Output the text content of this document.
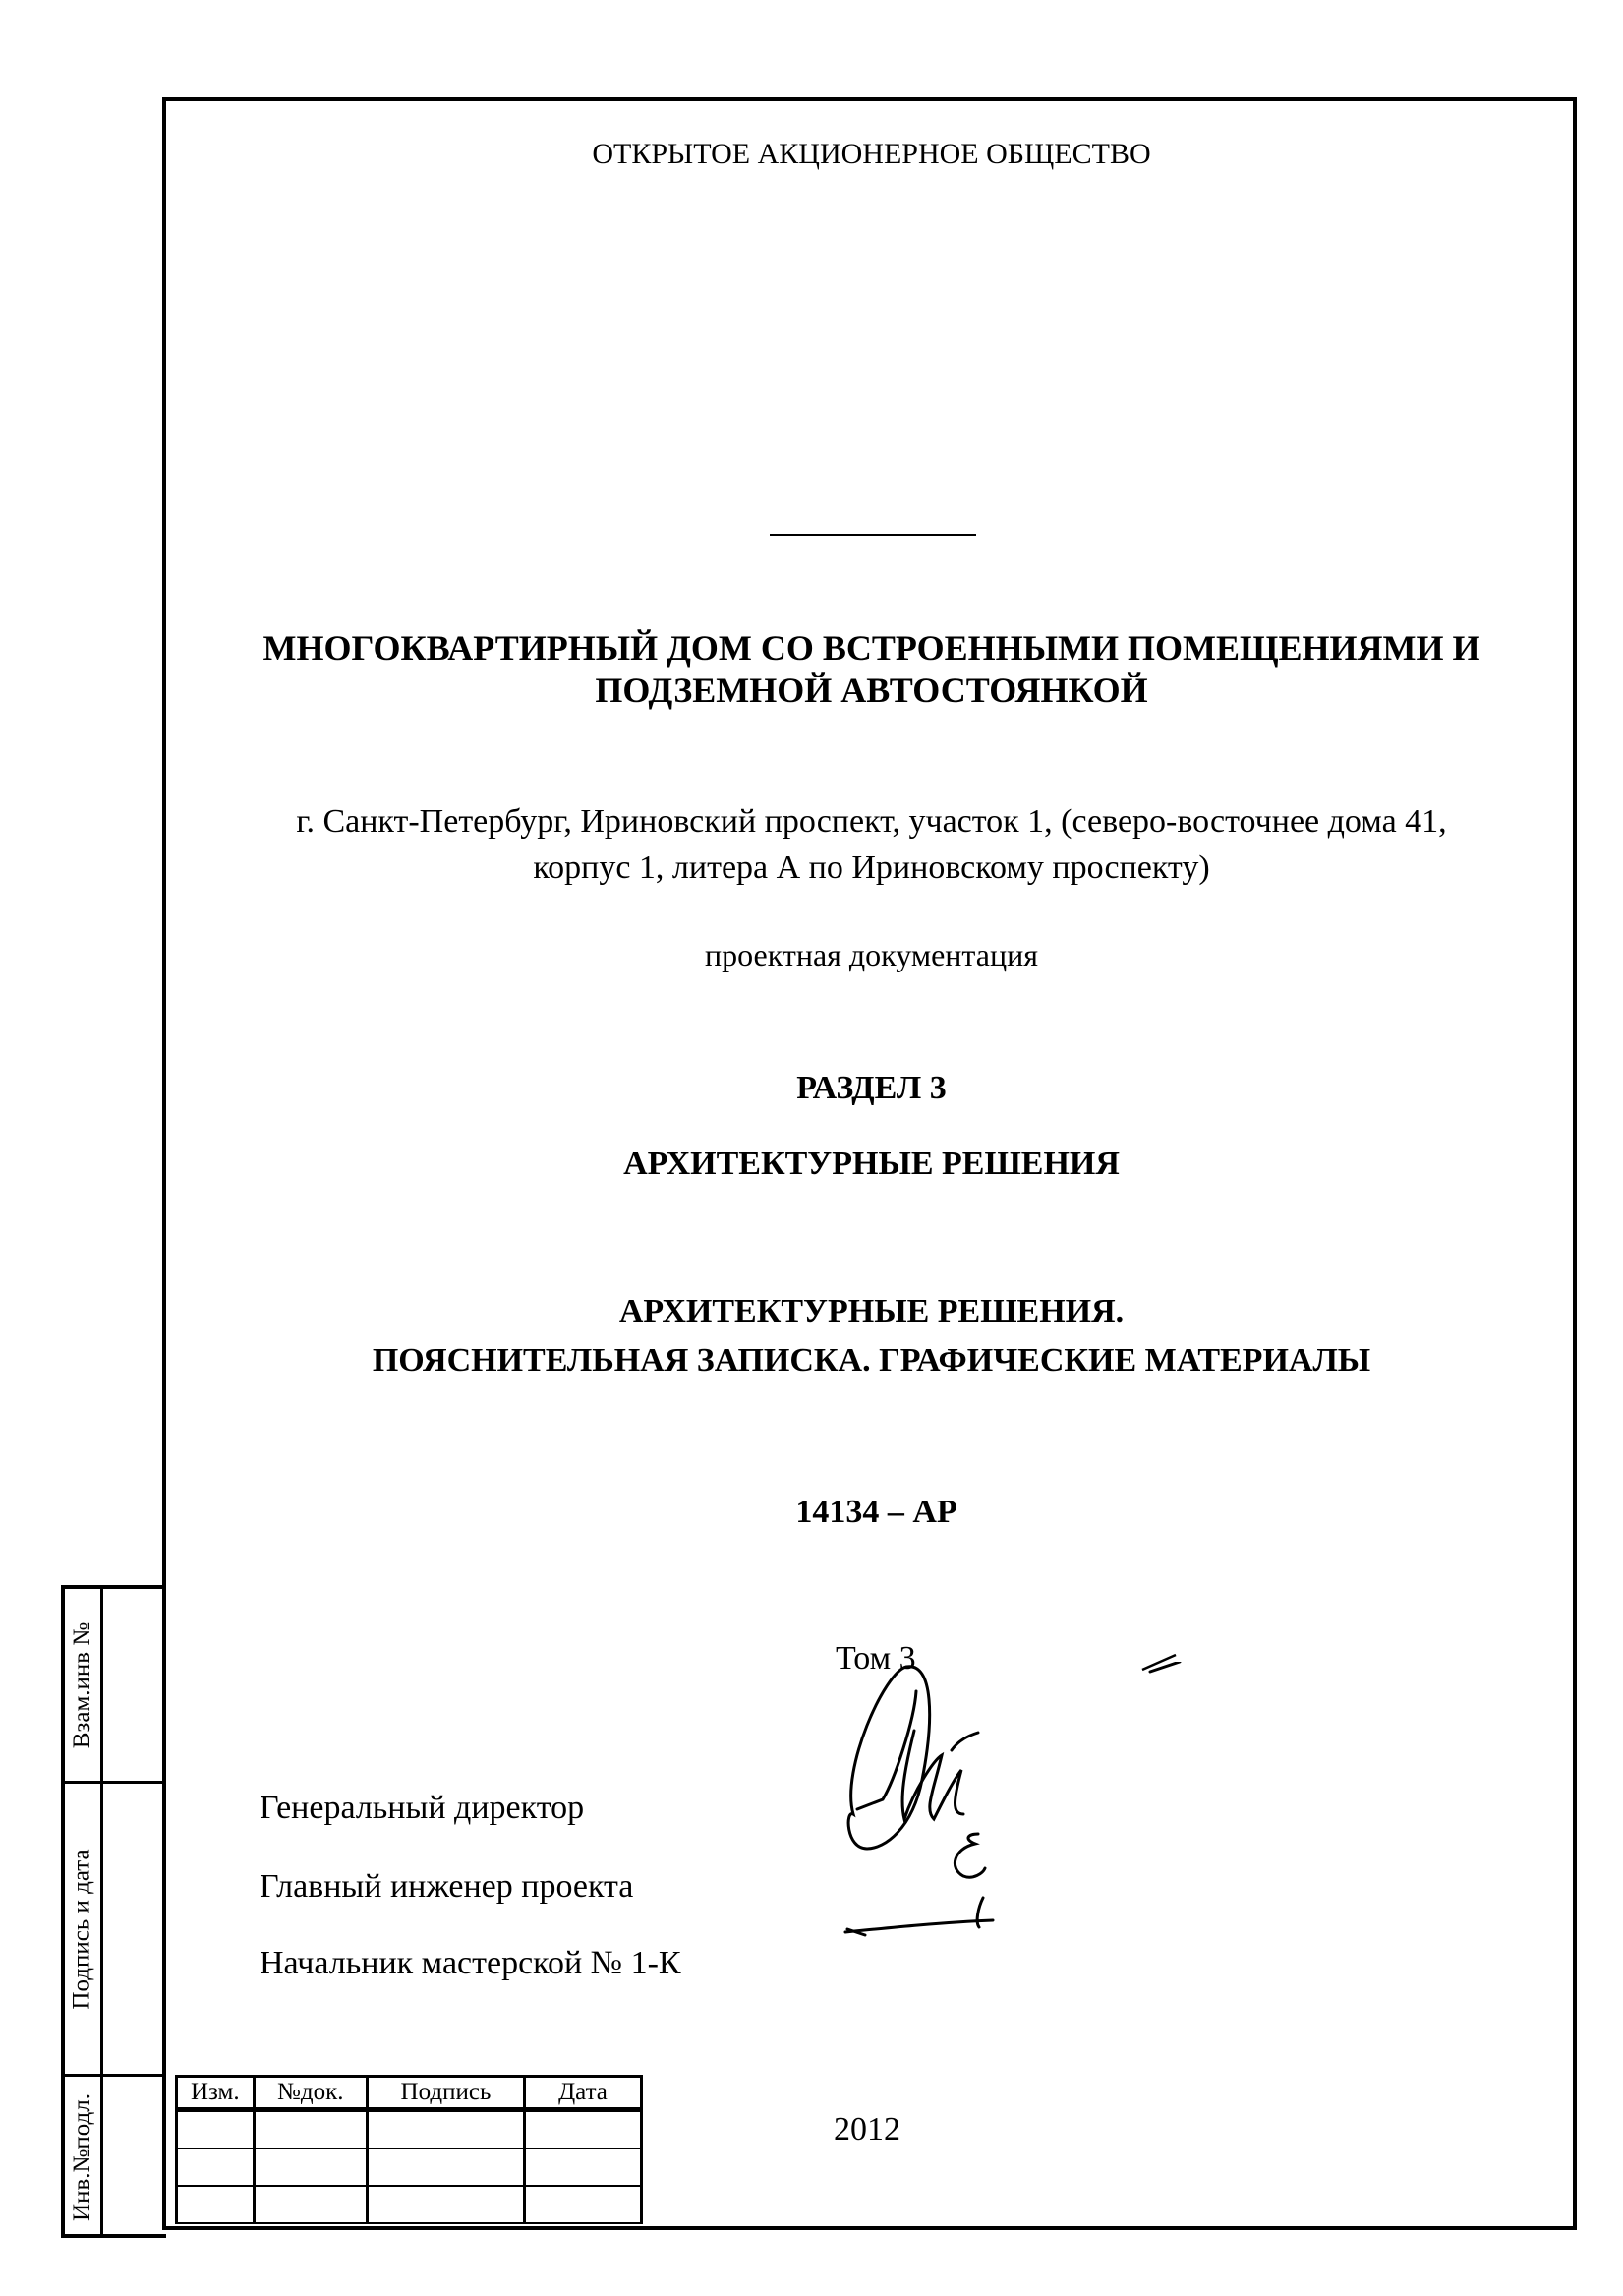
ОТКРЫТОЕ АКЦИОНЕРНОЕ ОБЩЕСТВО
МНОГОКВАРТИРНЫЙ ДОМ СО ВСТРОЕННЫМИ ПОМЕЩЕНИЯМИ И
ПОДЗЕМНОЙ АВТОСТОЯНКОЙ
г. Санкт-Петербург, Ириновский проспект, участок 1, (северо-восточнее дома 41,
корпус 1, литера А по Ириновскому проспекту)
проектная документация
РАЗДЕЛ 3
АРХИТЕКТУРНЫЕ РЕШЕНИЯ
АРХИТЕКТУРНЫЕ РЕШЕНИЯ.
ПОЯСНИТЕЛЬНАЯ ЗАПИСКА. ГРАФИЧЕСКИЕ МАТЕРИАЛЫ
14134 – АР
Том 3
Генеральный директор
Главный инженер проекта
Начальник мастерской № 1-К
2012
Взам.инв №
Подпись и дата
Инв.№подл.
Изм.	№док.	Подпись	Дата
